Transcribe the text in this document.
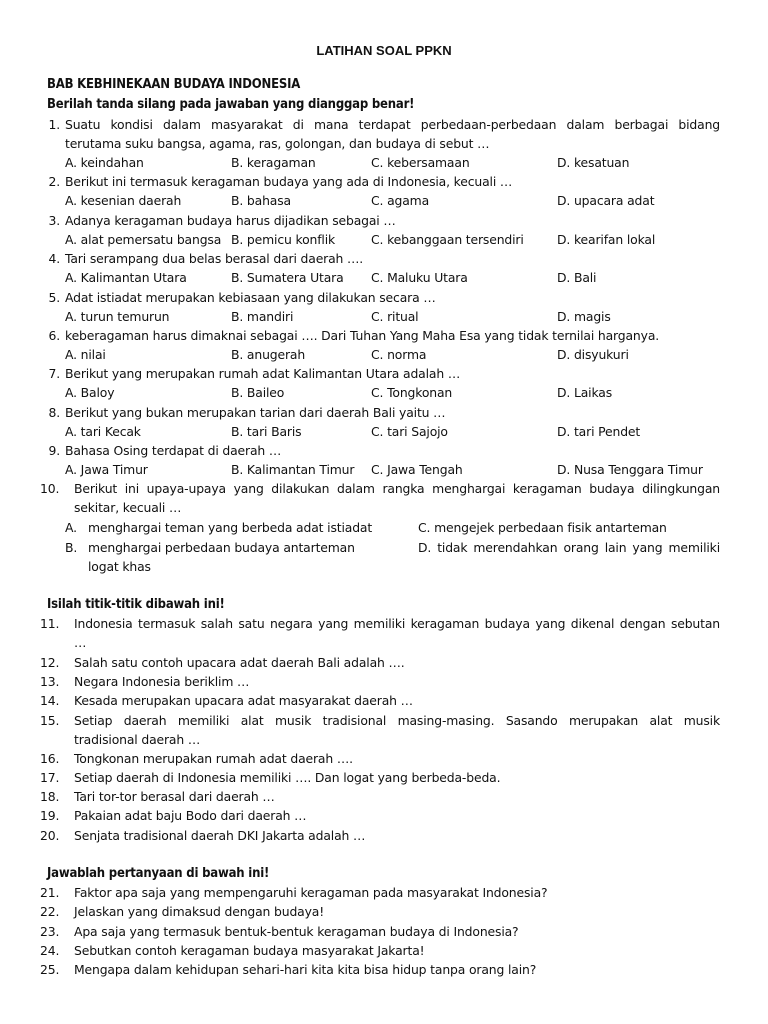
LATIHAN SOAL PPKN
BAB KEBHINEKAAN BUDAYA INDONESIA
Berilah tanda silang pada jawaban yang dianggap benar!
1. Suatu kondisi dalam masyarakat di mana terdapat perbedaan-perbedaan dalam berbagai bidang
terutama suku bangsa, agama, ras, golongan, dan budaya di sebut …
A. keindahan	B. keragaman	C. kebersamaan	D. kesatuan
2. Berikut ini termasuk keragaman budaya yang ada di Indonesia, kecuali …
A. kesenian daerah	B. bahasa	C. agama	D. upacara adat
3. Adanya keragaman budaya harus dijadikan sebagai …
A. alat pemersatu bangsa B. pemicu konflik	C. kebanggaan tersendiri	D. kearifan lokal
4. Tari serampang dua belas berasal dari daerah ….
A. Kalimantan Utara	B. Sumatera Utara C. Maluku Utara	D. Bali
5. Adat istiadat merupakan kebiasaan yang dilakukan secara …
A. turun temurun	B. mandiri	C. ritual	D. magis
6. keberagaman harus dimaknai sebagai …. Dari Tuhan Yang Maha Esa yang tidak ternilai harganya.
A. nilai	B. anugerah	C. norma	D. disyukuri
7. Berikut yang merupakan rumah adat Kalimantan Utara adalah …
A. Baloy	B. Baileo	C. Tongkonan	D. Laikas
8. Berikut yang bukan merupakan tarian dari daerah Bali yaitu …
A. tari Kecak	B. tari Baris	C. tari Sajojo	D. tari Pendet
9. Bahasa Osing terdapat di daerah …
A. Jawa Timur	B. Kalimantan Timur C. Jawa Tengah	D. Nusa Tenggara Timur
10.	Berikut ini upaya-upaya yang dilakukan dalam rangka menghargai keragaman budaya dilingkungan
sekitar, kecuali …
A. menghargai teman yang berbeda adat istiadat	C. mengejek perbedaan fisik antarteman
B. menghargai perbedaan budaya antarteman	D. tidak merendahkan orang lain yang memiliki
logat khas
Isilah titik-titik dibawah ini!
11.	Indonesia termasuk salah satu negara yang memiliki keragaman budaya yang dikenal dengan sebutan
…
12.	Salah satu contoh upacara adat daerah Bali adalah ….
13.	Negara Indonesia beriklim …
14.	Kesada merupakan upacara adat masyarakat daerah …
15.	Setiap daerah memiliki alat musik tradisional masing-masing. Sasando merupakan alat musik
tradisional daerah …
16.	Tongkonan merupakan rumah adat daerah ….
17.	Setiap daerah di Indonesia memiliki …. Dan logat yang berbeda-beda.
18.	Tari tor-tor berasal dari daerah …
19.	Pakaian adat baju Bodo dari daerah …
20.	Senjata tradisional daerah DKI Jakarta adalah …
Jawablah pertanyaan di bawah ini!
21.	Faktor apa saja yang mempengaruhi keragaman pada masyarakat Indonesia?
22.	Jelaskan yang dimaksud dengan budaya!
23.	Apa saja yang termasuk bentuk-bentuk keragaman budaya di Indonesia?
24.	Sebutkan contoh keragaman budaya masyarakat Jakarta!
25.	Mengapa dalam kehidupan sehari-hari kita kita bisa hidup tanpa orang lain?
